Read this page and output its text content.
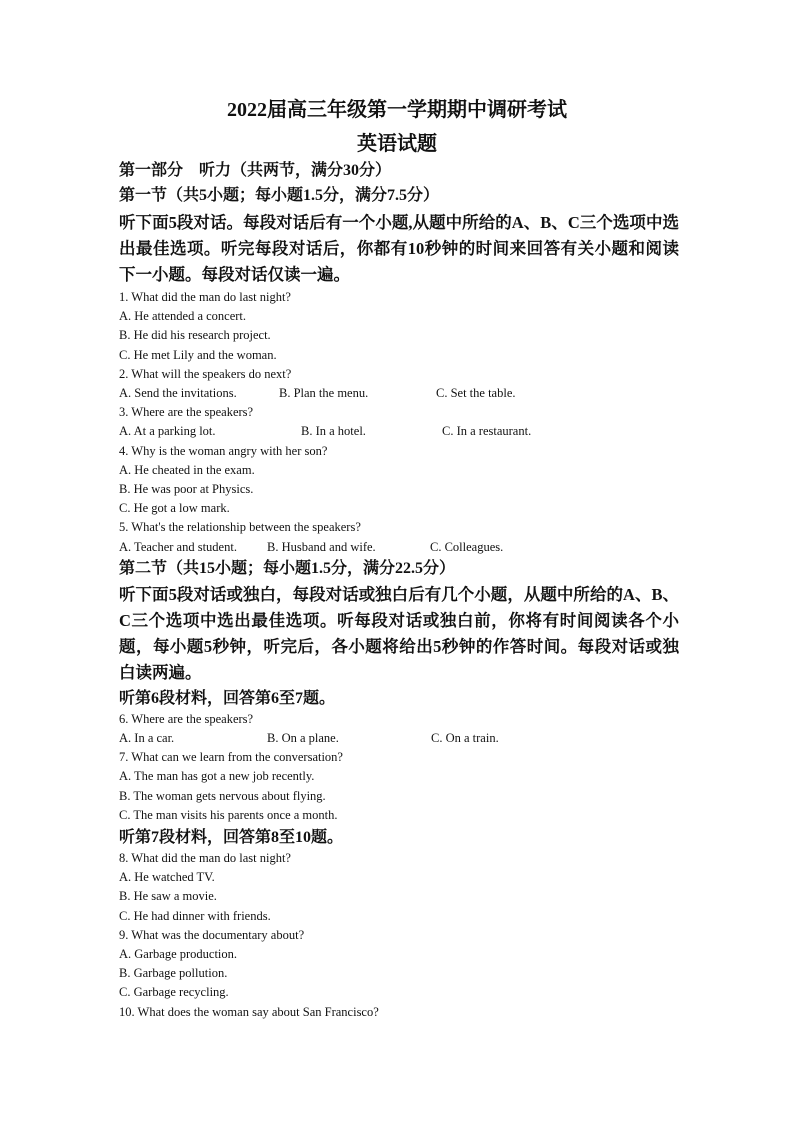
2022届高三年级第一学期期中调研考试
英语试题

第一部分　听力（共两节，满分30分）

第一节（共5小题；每小题1.5分，满分7.5分）

听下面5段对话。每段对话后有一个小题,从题中所给的A、B、C三个选项中选出最佳选项。听完每段对话后，你都有10秒钟的时间来回答有关小题和阅读下一小题。每段对话仅读一遍。

1. What did the man do last night?

A. He attended a concert.

B. He did his research project.

C. He met Lily and the woman.

2. What will the speakers do next?

A. Send the invitations.	B. Plan the menu.	C. Set the table.

3. Where are the speakers?

A. At a parking lot.	B. In a hotel.	C. In a restaurant.

4. Why is the woman angry with her son?

A. He cheated in the exam.

B. He was poor at Physics.

C. He got a low mark.

5. What's the relationship between the speakers?

A. Teacher and student.	B. Husband and wife.	C. Colleagues.

第二节（共15小题；每小题1.5分，满分22.5分）

听下面5段对话或独白，每段对话或独白后有几个小题，从题中所给的A、B、C三个选项中选出最佳选项。听每段对话或独白前，你将有时间阅读各个小题，每小题5秒钟，听完后，各小题将给出5秒钟的作答时间。每段对话或独白读两遍。

听第6段材料，回答第6至7题。

6. Where are the speakers?

A. In a car.	B. On a plane.	C. On a train.

7. What can we learn from the conversation?

A. The man has got a new job recently.

B. The woman gets nervous about flying.

C. The man visits his parents once a month.

听第7段材料，回答第8至10题。

8. What did the man do last night?

A. He watched TV.

B. He saw a movie.

C. He had dinner with friends.

9. What was the documentary about?

A. Garbage production.

B. Garbage pollution.

C. Garbage recycling.

10. What does the woman say about San Francisco?
